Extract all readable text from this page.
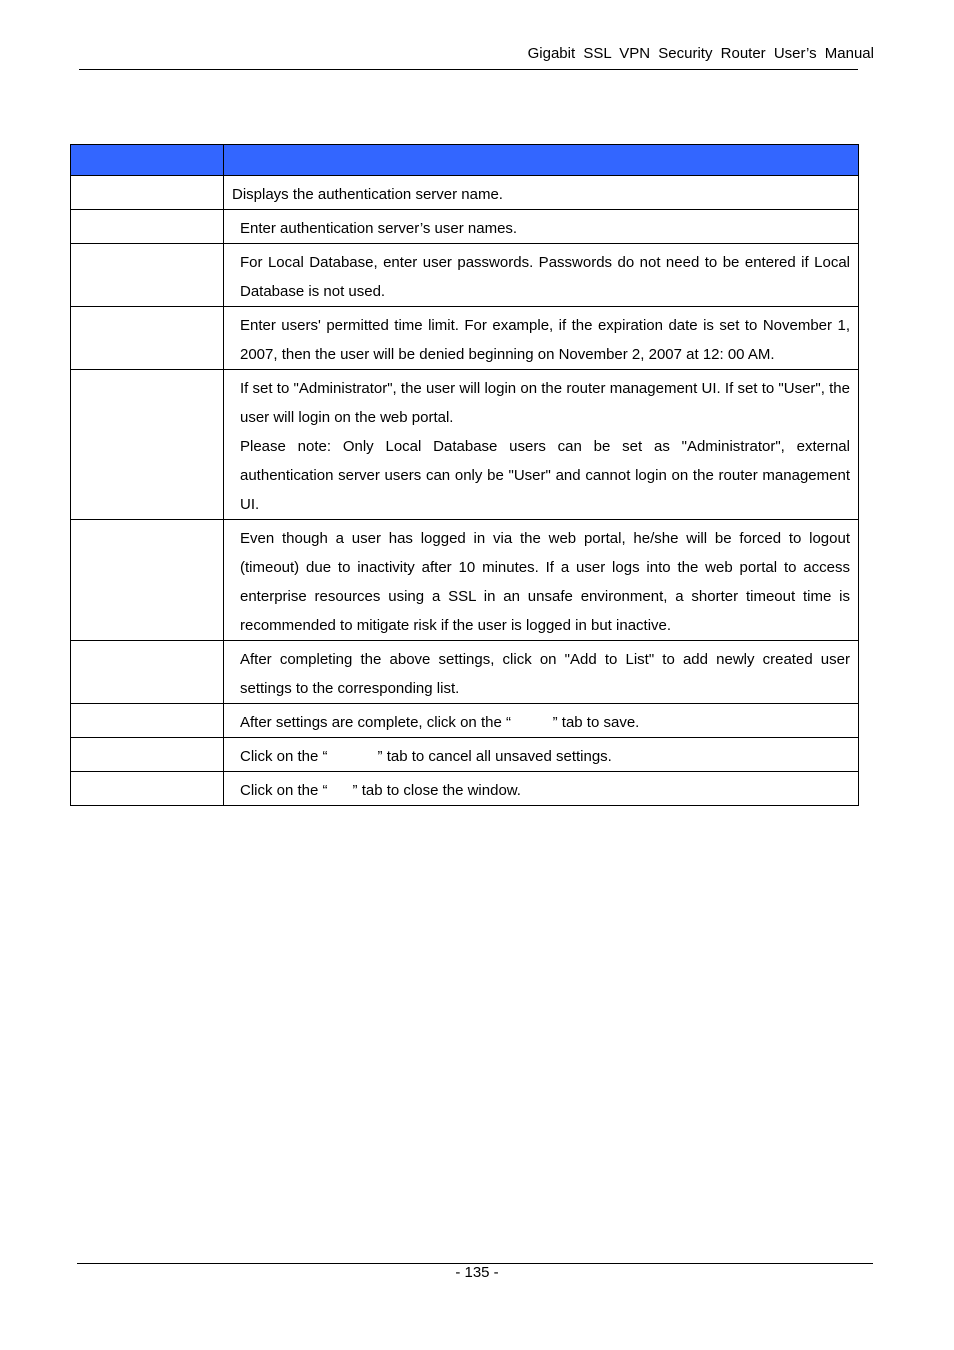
Gigabit SSL VPN Security Router User’s Manual

	Displays the authentication server name.

	Enter authentication server’s user names.

	For Local Database, enter user passwords. Passwords do not need to be entered if Local Database is not used.

	Enter users' permitted time limit. For example, if the expiration date is set to November 1, 2007, then the user will be denied beginning on November 2, 2007 at 12: 00 AM.

	If set to "Administrator", the user will login on the router management UI. If set to "User", the user will login on the web portal.

Please note: Only Local Database users can be set as "Administrator", external authentication server users can only be "User" and cannot login on the router management UI.

	Even though a user has logged in via the web portal, he/she will be forced to logout (timeout) due to inactivity after 10 minutes. If a user logs into the web portal to access enterprise resources using a SSL in an unsafe environment, a shorter timeout time is recommended to mitigate risk if the user is logged in but inactive.

	After completing the above settings, click on "Add to List" to add newly created user settings to the corresponding list.

	After settings are complete, click on the “          ” tab to save.

	Click on the “            ” tab to cancel all unsaved settings.

	Click on the “      ” tab to close the window.

- 135 -
